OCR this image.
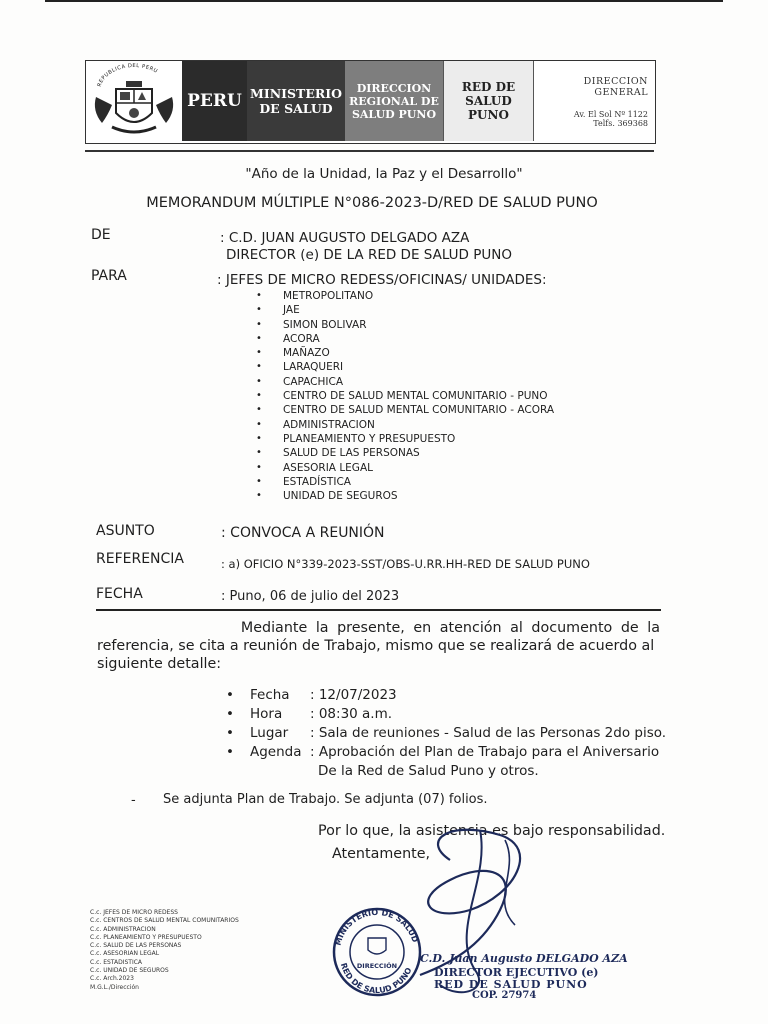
REPUBLICA DEL PERU
PERU MINISTERIO
DE SALUD
DIRECCION
REGIONAL DE
SALUD PUNO
RED DE
SALUD
PUNO
DIRECCION
GENERAL
Av. El Sol Nº 1122
Telfs. 369368
"Año de la Unidad, la Paz y el Desarrollo"
MEMORANDUM MÚLTIPLE N°086-2023-D/RED DE SALUD PUNO
DE	: C.D. JUAN AUGUSTO DELGADO AZA
DIRECTOR (e) DE LA RED DE SALUD PUNO
PARA	: JEFES DE MICRO REDESS/OFICINAS/ UNIDADES:
• METROPOLITANO
• JAE
• SIMON BOLIVAR
• ACORA
• MAÑAZO
• LARAQUERI
• CAPACHICA
• CENTRO DE SALUD MENTAL COMUNITARIO - PUNO
• CENTRO DE SALUD MENTAL COMUNITARIO - ACORA
• ADMINISTRACION
• PLANEAMIENTO Y PRESUPUESTO
• SALUD DE LAS PERSONAS
• ASESORIA LEGAL
• ESTADÍSTICA
• UNIDAD DE SEGUROS
ASUNTO	: CONVOCA A REUNIÓN
REFERENCIA	: a) OFICIO N°339-2023-SST/OBS-U.RR.HH-RED DE SALUD PUNO
FECHA	: Puno, 06 de julio del 2023
Mediante la presente, en atención al documento de la
referencia, se cita a reunión de Trabajo, mismo que se realizará de acuerdo al
siguiente detalle:
• Fecha : 12/07/2023
• Hora : 08:30 a.m.
• Lugar : Sala de reuniones - Salud de las Personas 2do piso.
• Agenda : Aprobación del Plan de Trabajo para el Aniversario
De la Red de Salud Puno y otros.
- Se adjunta Plan de Trabajo. Se adjunta (07) folios.
Por lo que, la asistencia es bajo responsabilidad.
Atentamente,
C.c. JEFES DE MICRO REDESS
C.c. CENTROS DE SALUD MENTAL COMUNITARIOS
C.c. ADMINISTRACION
C.c. PLANEAMIENTO Y PRESUPUESTO
C.c. SALUD DE LAS PERSONAS
C.c. ASESORIAN LEGAL
C.c. ESTADISTICA
C.c. UNIDAD DE SEGUROS
C.c. Arch.2023
M.G.L./Dirección
MINISTERIO DE SALUD
RED DE SALUD PUNO
DIRECCIÓN
C.D. Juan Augusto DELGADO AZA
DIRECTOR EJECUTIVO (e)
RED DE SALUD PUNO
COP. 27974
